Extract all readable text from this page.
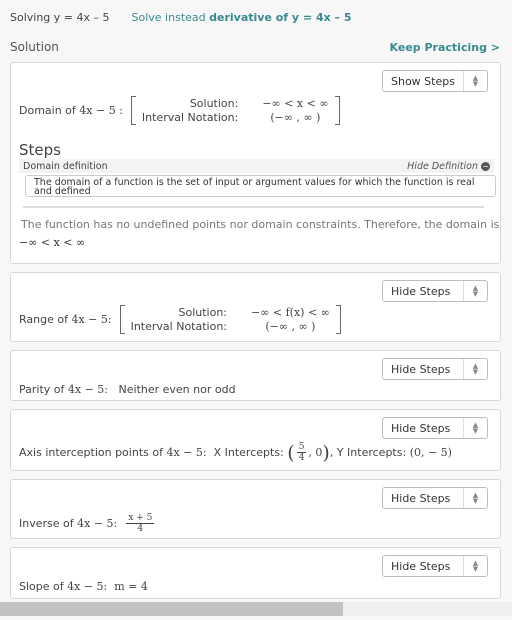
Solving y = 4x – 5 Solve instead derivative of y = 4x – 5
Solution	Keep Practicing >
Show Steps	▲
▼
Domain of
4x − 5 :
Solution: −∞ < x < ∞
Interval Notation:	(−∞ , ∞ )
Steps
Domain definition	Hide Definition −
The domain of a function is the set of input or argument values for which the function is real and defined
The function has no undefined points nor domain constraints. Therefore, the domain is
−∞ < x < ∞
Hide Steps	▲
▼
Range of
4x − 5:
Solution: −∞ < f(x) < ∞
Interval Notation:	(−∞ , ∞ )
Hide Steps	▲
▼
Parity of
4x − 5:
Neither even nor odd
Hide Steps	▲
▼
Axis interception points of
4x − 5:
X Intercepts:
( $\frac{5}{4}$ , 0 ) , Y Intercepts:
(0, − 5)
Hide Steps	▲
▼
Inverse of
4x − 5:
$\frac{x + 5}{4}$
Hide Steps	▲
▼
Slope of
4x − 5:
m = 4
